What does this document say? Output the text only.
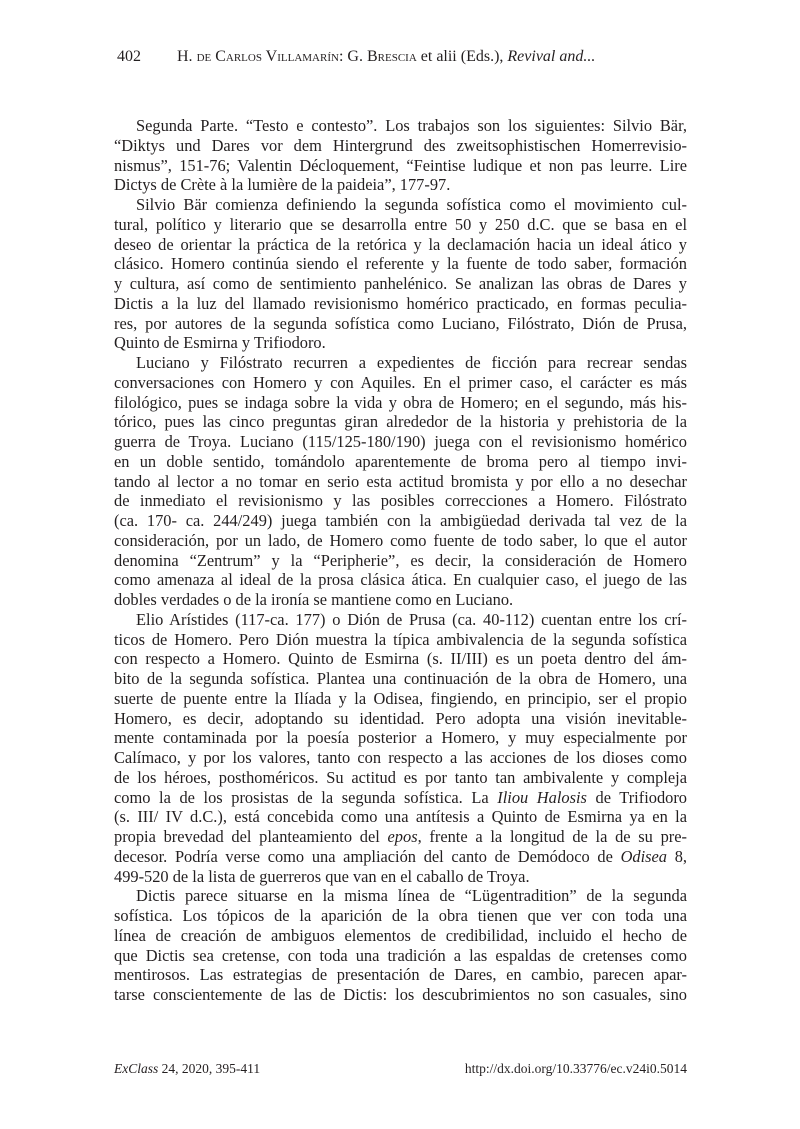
402 H. de Carlos Villamarín: G. Brescia et alii (Eds.), Revival and...
Segunda Parte. “Testo e contesto”. Los trabajos son los siguientes: Silvio Bär,
“Diktys und Dares vor dem Hintergrund des zweitsophistischen Homerrevisio-
nismus”, 151-76; Valentin Décloquement, “Feintise ludique et non pas leurre. Lire
Dictys de Crète à la lumière de la paideia”, 177-97.
Silvio Bär comienza definiendo la segunda sofística como el movimiento cul-
tural, político y literario que se desarrolla entre 50 y 250 d.C. que se basa en el
deseo de orientar la práctica de la retórica y la declamación hacia un ideal ático y
clásico. Homero continúa siendo el referente y la fuente de todo saber, formación
y cultura, así como de sentimiento panhelénico. Se analizan las obras de Dares y
Dictis a la luz del llamado revisionismo homérico practicado, en formas peculia-
res, por autores de la segunda sofística como Luciano, Filóstrato, Dión de Prusa,
Quinto de Esmirna y Trifiodoro.
Luciano y Filóstrato recurren a expedientes de ficción para recrear sendas
conversaciones con Homero y con Aquiles. En el primer caso, el carácter es más
filológico, pues se indaga sobre la vida y obra de Homero; en el segundo, más his-
tórico, pues las cinco preguntas giran alrededor de la historia y prehistoria de la
guerra de Troya. Luciano (115/125-180/190) juega con el revisionismo homérico
en un doble sentido, tomándolo aparentemente de broma pero al tiempo invi-
tando al lector a no tomar en serio esta actitud bromista y por ello a no desechar
de inmediato el revisionismo y las posibles correcciones a Homero. Filóstrato
(ca. 170- ca. 244/249) juega también con la ambigüedad derivada tal vez de la
consideración, por un lado, de Homero como fuente de todo saber, lo que el autor
denomina “Zentrum” y la “Peripherie”, es decir, la consideración de Homero
como amenaza al ideal de la prosa clásica ática. En cualquier caso, el juego de las
dobles verdades o de la ironía se mantiene como en Luciano.
Elio Arístides (117-ca. 177) o Dión de Prusa (ca. 40-112) cuentan entre los crí-
ticos de Homero. Pero Dión muestra la típica ambivalencia de la segunda sofística
con respecto a Homero. Quinto de Esmirna (s. II/III) es un poeta dentro del ám-
bito de la segunda sofística. Plantea una continuación de la obra de Homero, una
suerte de puente entre la Ilíada y la Odisea, fingiendo, en principio, ser el propio
Homero, es decir, adoptando su identidad. Pero adopta una visión inevitable-
mente contaminada por la poesía posterior a Homero, y muy especialmente por
Calímaco, y por los valores, tanto con respecto a las acciones de los dioses como
de los héroes, posthoméricos. Su actitud es por tanto tan ambivalente y compleja
como la de los prosistas de la segunda sofística. La Iliou Halosis de Trifiodoro
(s. III/ IV d.C.), está concebida como una antítesis a Quinto de Esmirna ya en la
propia brevedad del planteamiento del epos, frente a la longitud de la de su pre-
decesor. Podría verse como una ampliación del canto de Demódoco de Odisea 8,
499-520 de la lista de guerreros que van en el caballo de Troya.
Dictis parece situarse en la misma línea de “Lügentradition” de la segunda
sofística. Los tópicos de la aparición de la obra tienen que ver con toda una
línea de creación de ambiguos elementos de credibilidad, incluido el hecho de
que Dictis sea cretense, con toda una tradición a las espaldas de cretenses como
mentirosos. Las estrategias de presentación de Dares, en cambio, parecen apar-
tarse conscientemente de las de Dictis: los descubrimientos no son casuales, sino
ExClass 24, 2020, 395-411	http://dx.doi.org/10.33776/ec.v24i0.5014
